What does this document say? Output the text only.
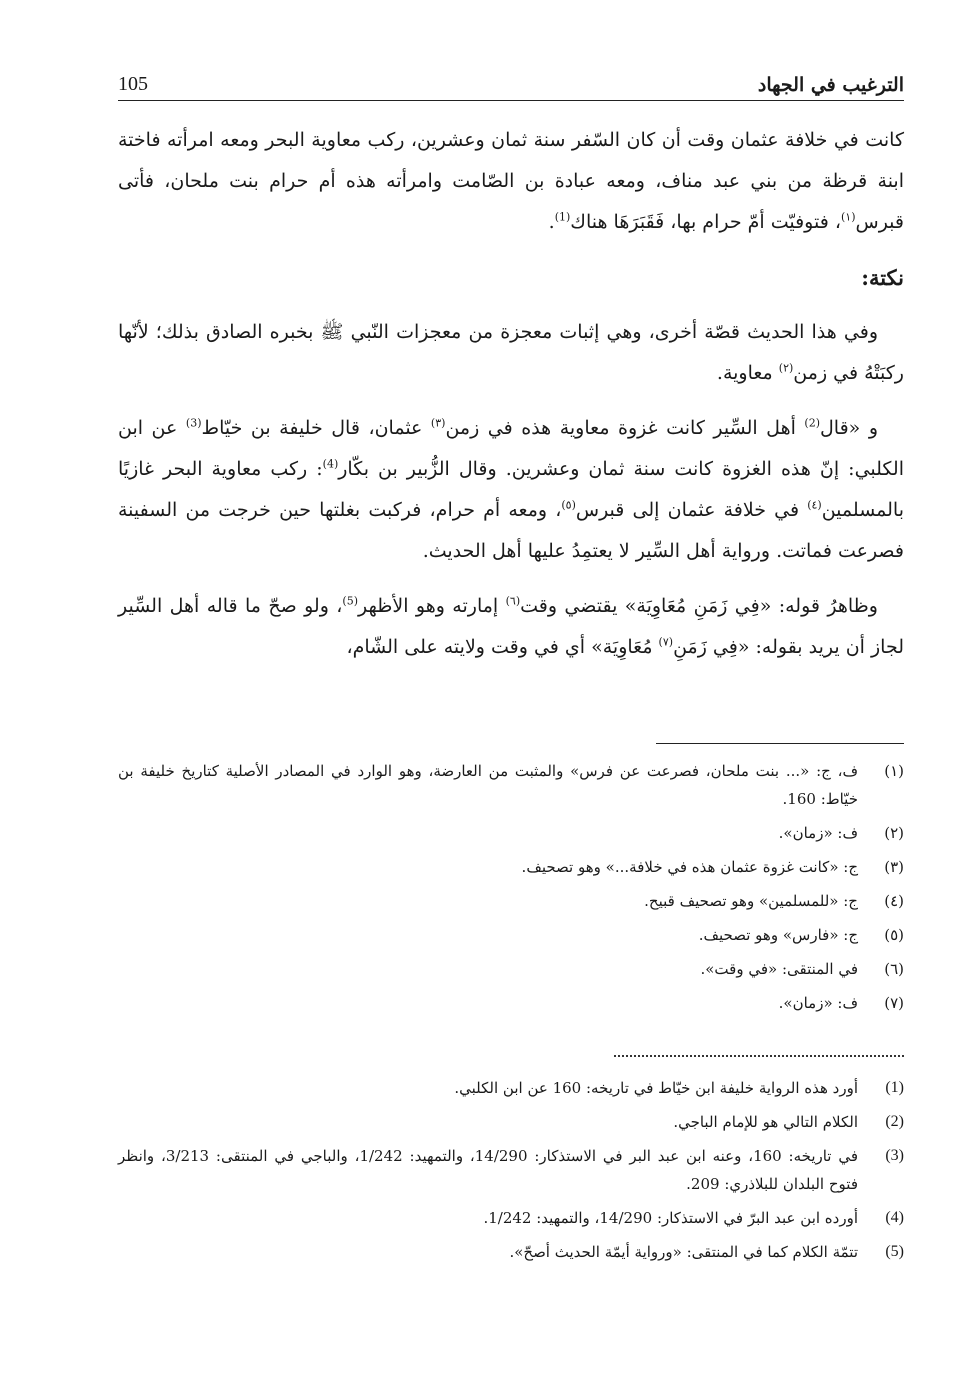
الترغيب في الجهاد
105

كانت في خلافة عثمان وقت أن كان السّفر سنة ثمان وعشرين، ركب معاوية البحر ومعه امرأته فاختة ابنة قرظة من بني عبد مناف، ومعه عبادة بن الصّامت وامرأته هذه أم حرام بنت ملحان، فأتى قبرس$^{(١)}$، فتوفيّت أمّ حرام بها، فَقَبَرَهَا هناك$^{(1)}$.

نكتة:

وفي هذا الحديث قصّة أخرى، وهي إثبات معجزة من معجزات النّبي ﷺ بخبره الصادق بذلك؛ لأنّها ركبَتْهُ في زمن$^{(٢)}$ معاوية.

و «قال$^{(2)}$ أهل السِّير كانت غزوة معاوية هذه في زمن$^{(٣)}$ عثمان، قال خليفة بن خيّاط$^{(3)}$ عن ابن الكلبي: إنّ هذه الغزوة كانت سنة ثمان وعشرين. وقال الزُّبير بن بكّار$^{(4)}$: ركب معاوية البحر غازيًا بالمسلمين$^{(٤)}$ في خلافة عثمان إلى قبرس$^{(٥)}$، ومعه أم حرام، فركبت بغلتها حين خرجت من السفينة فصرعت فماتت. ورواية أهل السِّير لا يعتمِدُ عليها أهل الحديث.

وظاهرُ قوله: «فِي زَمَنِ مُعَاوِيَة» يقتضي وقت$^{(٦)}$ إمارته وهو الأظهر$^{(5)}$، ولو صحّ ما قاله أهل السِّير لجاز أن يريد بقوله: «فِي زَمَنِ$^{(٧)}$ مُعَاوِيَة» أي في وقت ولايته على الشّام،

(١)
ف، ج: «... بنت ملحان، فصرعت عن فرس» والمثبت من العارضة، وهو الوارد في المصادر الأصلية كتاريخ خليفة بن خيّاط: 160.
(٢)
ف: «زمان».
(٣)
ج: «كانت غزوة عثمان هذه في خلافة...» وهو تصحيف.
(٤)
ج: «للمسلمين» وهو تصحيف قبيح.
(٥)
ج: «فارس» وهو تصحيف.
(٦)
في المنتقى: «في وقت».
(٧)
ف: «زمان».
(1)
أورد هذه الرواية خليفة ابن خيّاط في تاريخه: 160 عن ابن الكلبي.
(2)
الكلام التالي هو للإمام الباجي.
(3)
في تاريخه: 160، وعنه ابن عبد البر في الاستذكار: 14/290، والتمهيد: 1/242، والباجي في المنتقى: 3/213، وانظر فتوح البلدان للبلاذري: 209.
(4)
أورده ابن عبد البرّ في الاستذكار: 14/290، والتمهيد: 1/242.
(5)
تتمّة الكلام كما في المنتقى: «ورواية أيمّة الحديث أصحّ».
